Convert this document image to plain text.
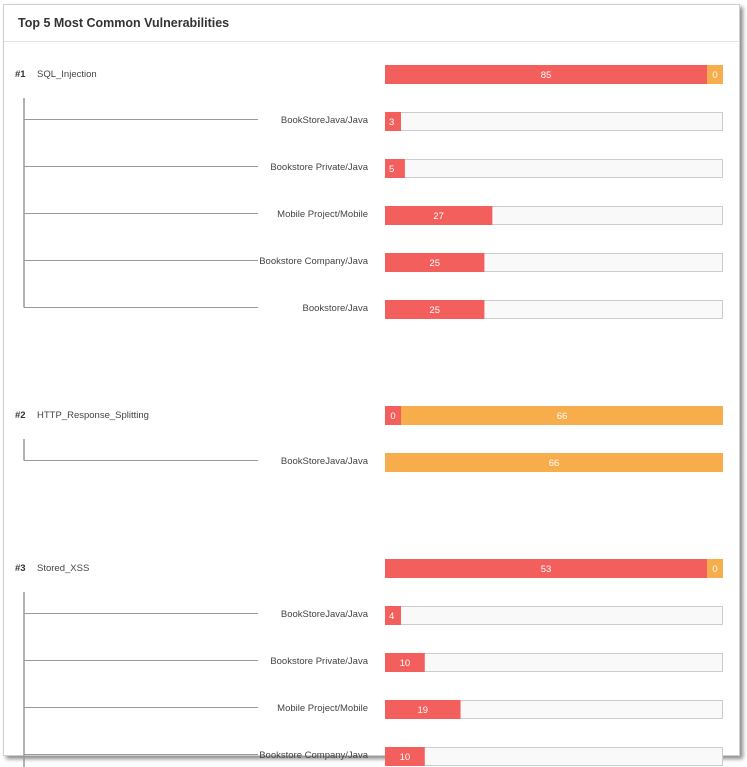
Top 5 Most Common Vulnerabilities
#1 SQL_Injection	85	0
BookStoreJava/Java 3
Bookstore Private/Java 5
Mobile Project/Mobile	27
Bookstore Company/Java	25
Bookstore/Java	25
#2 HTTP_Response_Splitting	0	66
BookStoreJava/Java	66
#3 Stored_XSS	53	0
BookStoreJava/Java 4
Bookstore Private/Java	10
Mobile Project/Mobile	19
Bookstore Company/Java	10
